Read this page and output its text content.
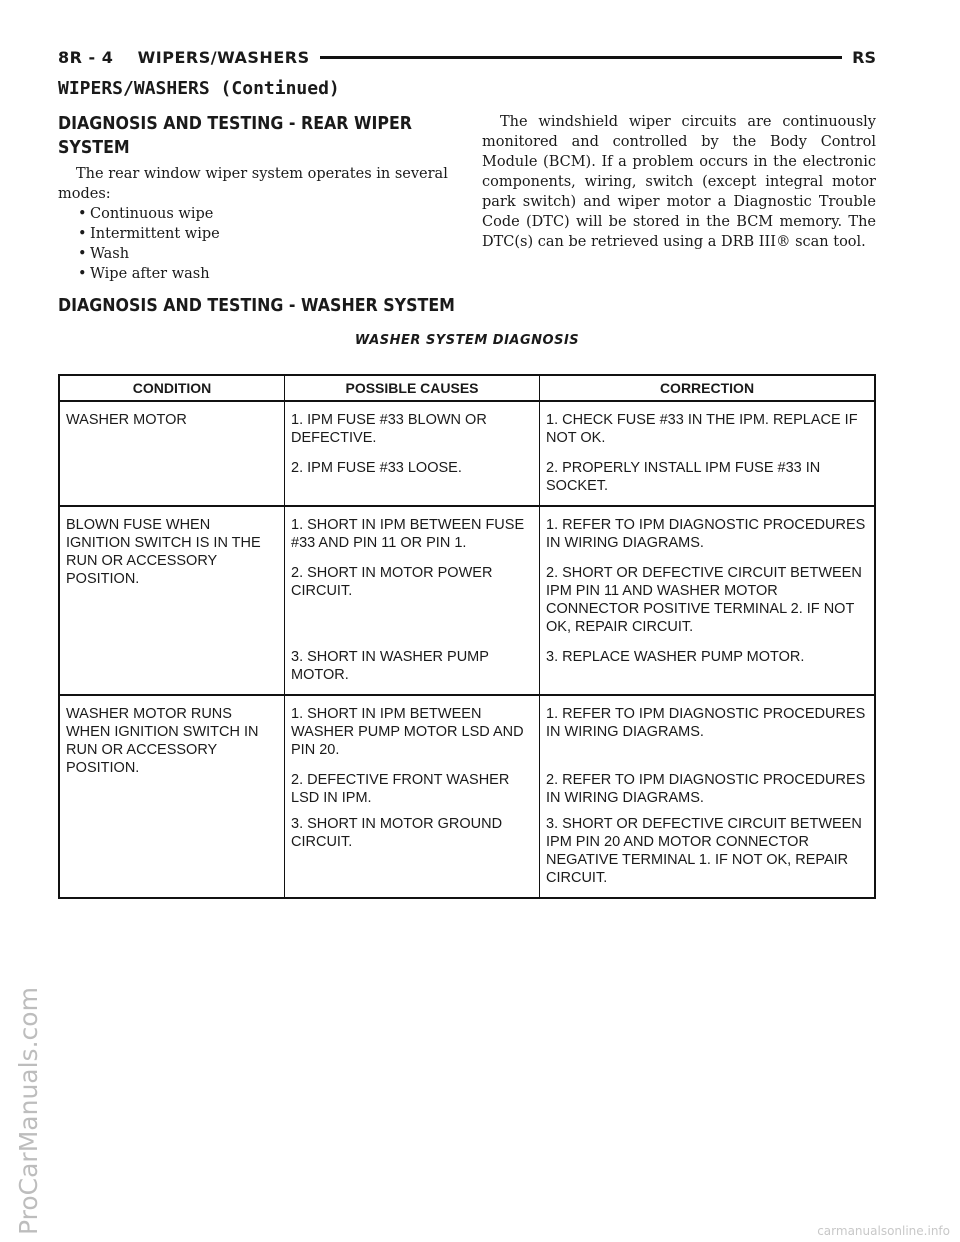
ProCarManuals.com	carmanualsonline.info
8R - 4    WIPERS/WASHERS	RS
WIPERS/WASHERS (Continued)
DIAGNOSIS AND TESTING - REAR WIPER
SYSTEM

The rear window wiper system operates in several modes:

• Continuous wipe
• Intermittent wipe
• Wash
• Wipe after wash

The windshield wiper circuits are continuously monitored and controlled by the Body Control Module (BCM). If a problem occurs in the electronic components, wiring, switch (except integral motor park switch) and wiper motor a Diagnostic Trouble Code (DTC) will be stored in the BCM memory. The DTC(s) can be retrieved using a DRB III® scan tool.

DIAGNOSIS AND TESTING - WASHER SYSTEM
WASHER SYSTEM DIAGNOSIS
CONDITION	POSSIBLE CAUSES	CORRECTION
WASHER MOTOR	1. IPM FUSE #33 BLOWN OR DEFECTIVE.	1. CHECK FUSE #33 IN THE IPM. REPLACE IF NOT OK.
	2. IPM FUSE #33 LOOSE.	2. PROPERLY INSTALL IPM FUSE #33 IN SOCKET.
BLOWN FUSE WHEN IGNITION SWITCH IS IN THE RUN OR ACCESSORY POSITION.	1. SHORT IN IPM BETWEEN FUSE #33 AND PIN 11 OR PIN 1.	1. REFER TO IPM DIAGNOSTIC PROCEDURES IN WIRING DIAGRAMS.
	2. SHORT IN MOTOR POWER CIRCUIT.	2. SHORT OR DEFECTIVE CIRCUIT BETWEEN IPM PIN 11 AND WASHER MOTOR CONNECTOR POSITIVE TERMINAL 2. IF NOT OK, REPAIR CIRCUIT.
	3. SHORT IN WASHER PUMP MOTOR.	3. REPLACE WASHER PUMP MOTOR.
WASHER MOTOR RUNS WHEN IGNITION SWITCH IN RUN OR ACCESSORY POSITION.	1. SHORT IN IPM BETWEEN WASHER PUMP MOTOR LSD AND PIN 20.	1. REFER TO IPM DIAGNOSTIC PROCEDURES IN WIRING DIAGRAMS.
	2. DEFECTIVE FRONT WASHER LSD IN IPM.	2. REFER TO IPM DIAGNOSTIC PROCEDURES IN WIRING DIAGRAMS.
	3. SHORT IN MOTOR GROUND CIRCUIT.	3. SHORT OR DEFECTIVE CIRCUIT BETWEEN IPM PIN 20 AND MOTOR CONNECTOR NEGATIVE TERMINAL 1. IF NOT OK, REPAIR CIRCUIT.
